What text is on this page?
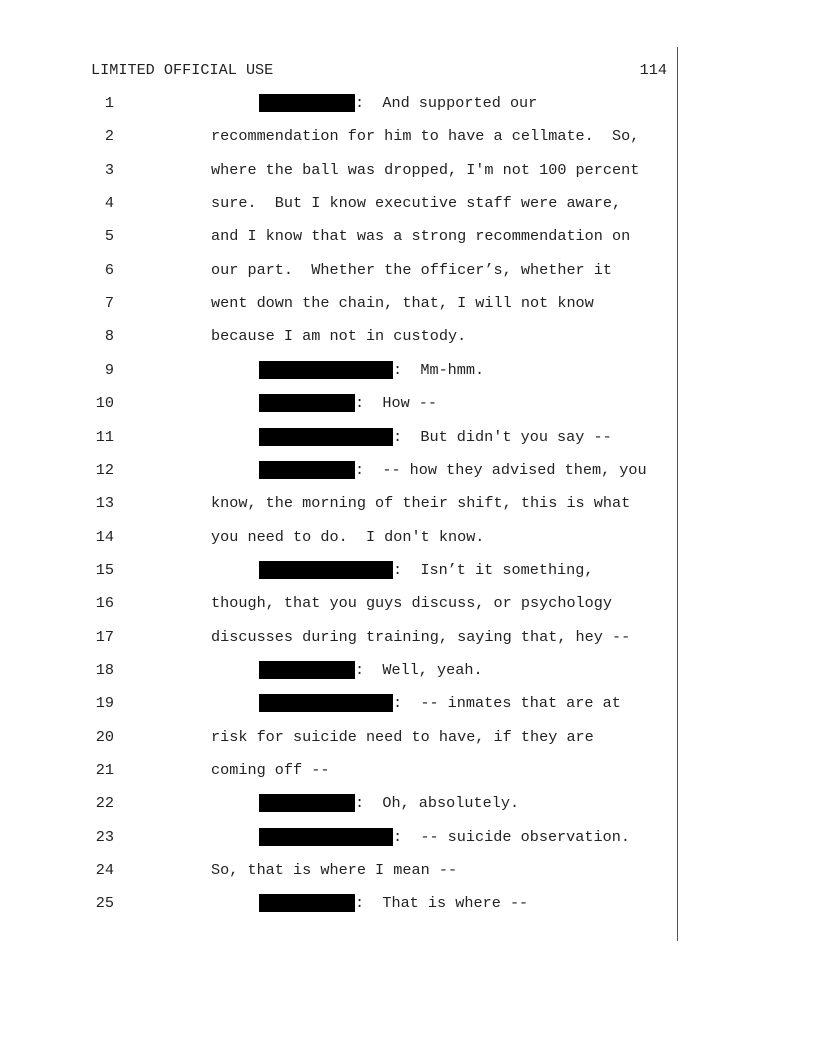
LIMITED OFFICIAL USE	114
1	:  And supported our
2	recommendation for him to have a cellmate.  So,
3	where the ball was dropped, I'm not 100 percent
4	sure.  But I know executive staff were aware,
5	and I know that was a strong recommendation on
6	our part.  Whether the officer’s, whether it
7	went down the chain, that, I will not know
8	because I am not in custody.
9	:  Mm-hmm.
10	:  How --
11	:  But didn't you say --
12	:  -- how they advised them, you
13	know, the morning of their shift, this is what
14	you need to do.  I don't know.
15	:  Isn’t it something,
16	though, that you guys discuss, or psychology
17	discusses during training, saying that, hey --
18	:  Well, yeah.
19	:  -- inmates that are at
20	risk for suicide need to have, if they are
21	coming off --
22	:  Oh, absolutely.
23	:  -- suicide observation.
24	So, that is where I mean --
25	:  That is where --
